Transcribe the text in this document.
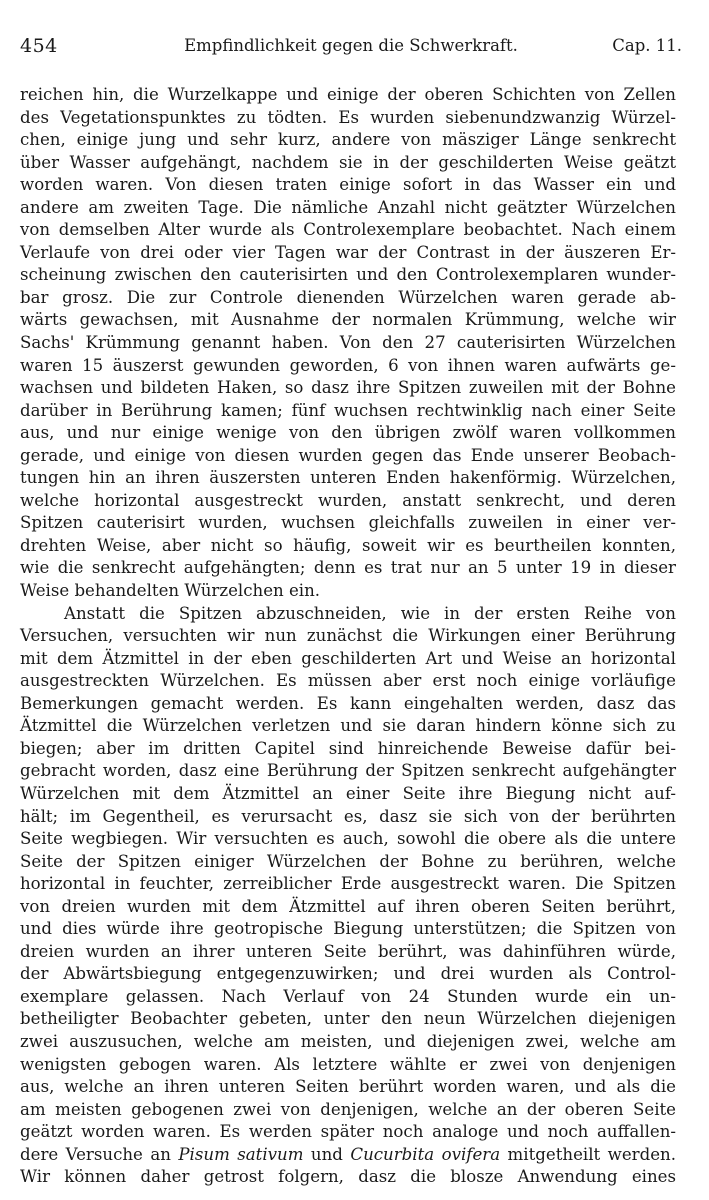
454	Empfindlichkeit gegen die Schwerkraft.	Cap. 11.
reichen hin, die Wurzelkappe und einige der oberen Schichten von Zellen
des Vegetationspunktes zu tödten. Es wurden siebenundzwanzig Würzel-
chen, einige jung und sehr kurz, andere von mäsziger Länge senkrecht
über Wasser aufgehängt, nachdem sie in der geschilderten Weise geätzt
worden waren. Von diesen traten einige sofort in das Wasser ein und
andere am zweiten Tage. Die nämliche Anzahl nicht geätzter Würzelchen
von demselben Alter wurde als Controlexemplare beobachtet. Nach einem
Verlaufe von drei oder vier Tagen war der Contrast in der äuszeren Er-
scheinung zwischen den cauterisirten und den Controlexemplaren wunder-
bar grosz. Die zur Controle dienenden Würzelchen waren gerade ab-
wärts gewachsen, mit Ausnahme der normalen Krümmung, welche wir
Sachs' Krümmung genannt haben. Von den 27 cauterisirten Würzelchen
waren 15 äuszerst gewunden geworden, 6 von ihnen waren aufwärts ge-
wachsen und bildeten Haken, so dasz ihre Spitzen zuweilen mit der Bohne
darüber in Berührung kamen; fünf wuchsen rechtwinklig nach einer Seite
aus, und nur einige wenige von den übrigen zwölf waren vollkommen
gerade, und einige von diesen wurden gegen das Ende unserer Beobach-
tungen hin an ihren äuszersten unteren Enden hakenförmig. Würzelchen,
welche horizontal ausgestreckt wurden, anstatt senkrecht, und deren
Spitzen cauterisirt wurden, wuchsen gleichfalls zuweilen in einer ver-
drehten Weise, aber nicht so häufig, soweit wir es beurtheilen konnten,
wie die senkrecht aufgehängten; denn es trat nur an 5 unter 19 in dieser
Weise behandelten Würzelchen ein.
Anstatt die Spitzen abzuschneiden, wie in der ersten Reihe von
Versuchen, versuchten wir nun zunächst die Wirkungen einer Berührung
mit dem Ätzmittel in der eben geschilderten Art und Weise an horizontal
ausgestreckten Würzelchen. Es müssen aber erst noch einige vorläufige
Bemerkungen gemacht werden. Es kann eingehalten werden, dasz das
Ätzmittel die Würzelchen verletzen und sie daran hindern könne sich zu
biegen; aber im dritten Capitel sind hinreichende Beweise dafür bei-
gebracht worden, dasz eine Berührung der Spitzen senkrecht aufgehängter
Würzelchen mit dem Ätzmittel an einer Seite ihre Biegung nicht auf-
hält; im Gegentheil, es verursacht es, dasz sie sich von der berührten
Seite wegbiegen. Wir versuchten es auch, sowohl die obere als die untere
Seite der Spitzen einiger Würzelchen der Bohne zu berühren, welche
horizontal in feuchter, zerreiblicher Erde ausgestreckt waren. Die Spitzen
von dreien wurden mit dem Ätzmittel auf ihren oberen Seiten berührt,
und dies würde ihre geotropische Biegung unterstützen; die Spitzen von
dreien wurden an ihrer unteren Seite berührt, was dahinführen würde,
der Abwärtsbiegung entgegenzuwirken; und drei wurden als Control-
exemplare gelassen. Nach Verlauf von 24 Stunden wurde ein un-
betheiligter Beobachter gebeten, unter den neun Würzelchen diejenigen
zwei auszusuchen, welche am meisten, und diejenigen zwei, welche am
wenigsten gebogen waren. Als letztere wählte er zwei von denjenigen
aus, welche an ihren unteren Seiten berührt worden waren, und als die
am meisten gebogenen zwei von denjenigen, welche an der oberen Seite
geätzt worden waren. Es werden später noch analoge und noch auffallen-
dere Versuche an Pisum sativum und Cucurbita ovifera mitgetheilt werden.
Wir können daher getrost folgern, dasz die blosze Anwendung eines
